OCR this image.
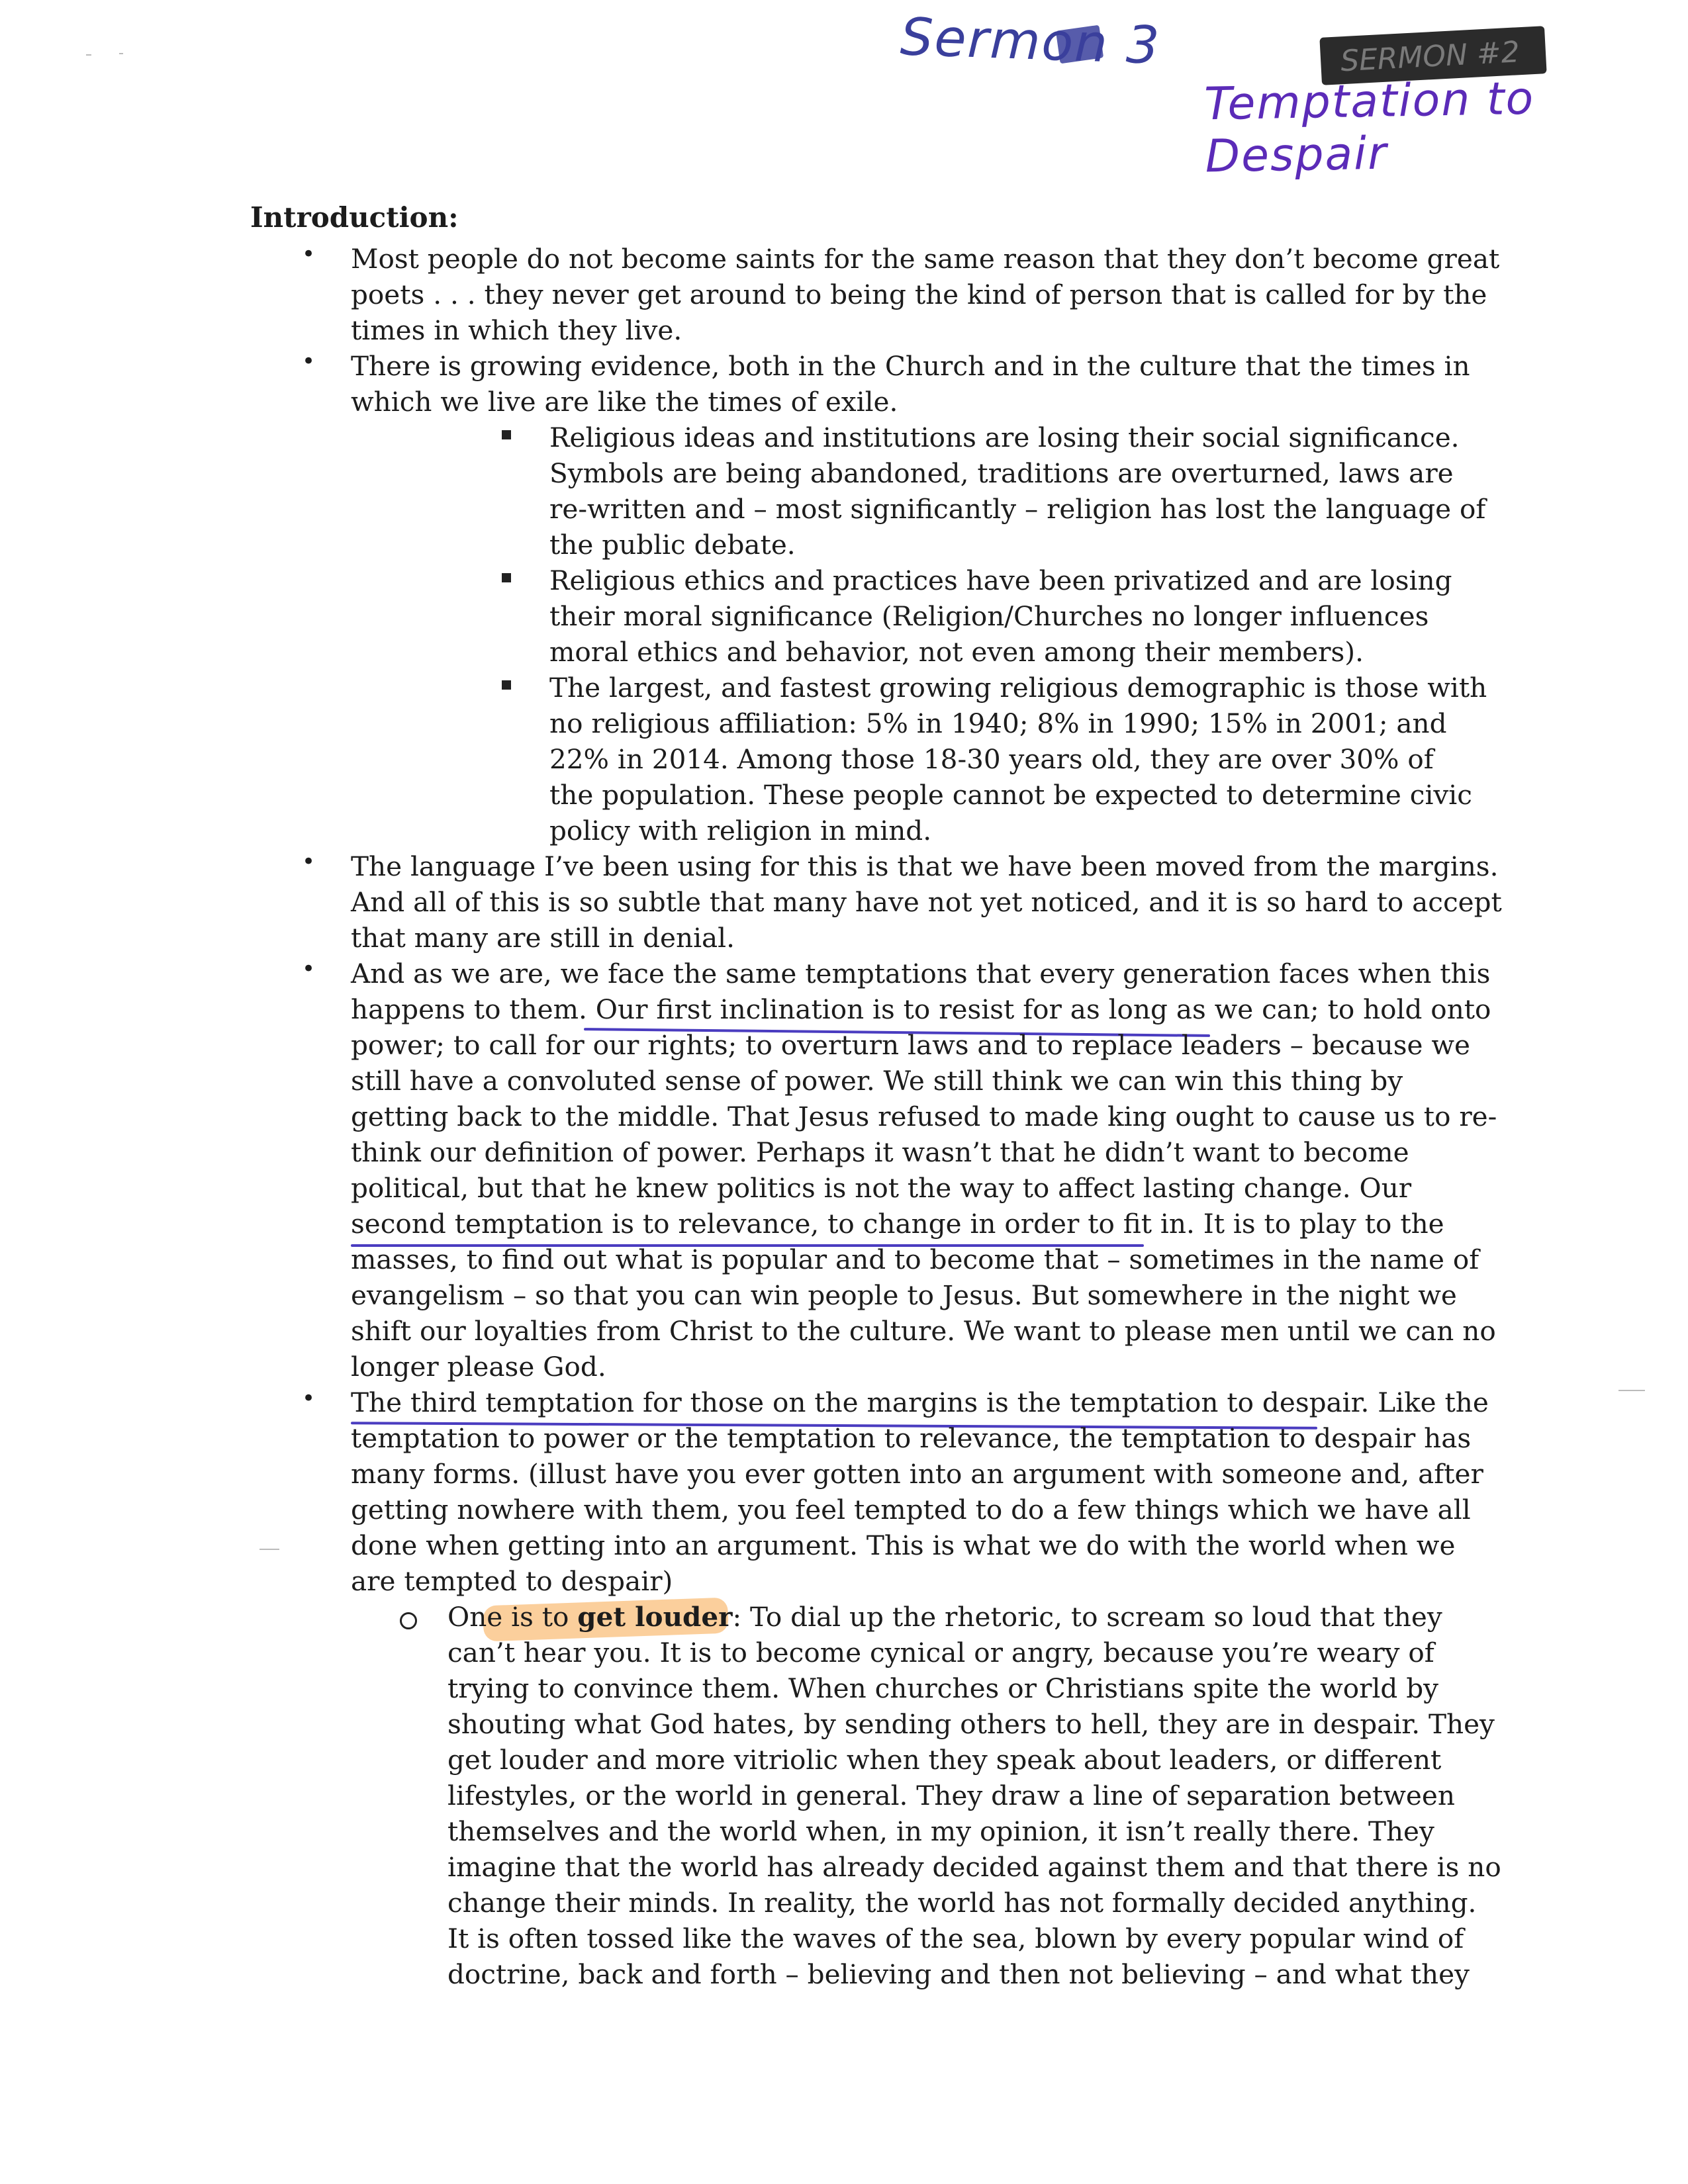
Sermon 3	SERMON #2
Temptation to Despair
Introduction:
•
•
•
•
•
Most people do not become saints for the same reason that they don’t become great
poets . . . they never get around to being the kind of person that is called for by the
times in which they live.
There is growing evidence, both in the Church and in the culture that the times in
which we live are like the times of exile.
Religious ideas and institutions are losing their social significance.
Symbols are being abandoned, traditions are overturned, laws are
re-written and – most significantly – religion has lost the language of
the public debate.
Religious ethics and practices have been privatized and are losing
their moral significance (Religion/Churches no longer influences
moral ethics and behavior, not even among their members).
The largest, and fastest growing religious demographic is those with
no religious affiliation: 5% in 1940; 8% in 1990; 15% in 2001; and
22% in 2014. Among those 18-30 years old, they are over 30% of
the population. These people cannot be expected to determine civic
policy with religion in mind.
The language I’ve been using for this is that we have been moved from the margins.
And all of this is so subtle that many have not yet noticed, and it is so hard to accept
that many are still in denial.
And as we are, we face the same temptations that every generation faces when this
happens to them. Our first inclination is to resist for as long as we can; to hold onto
power; to call for our rights; to overturn laws and to replace leaders – because we
still have a convoluted sense of power. We still think we can win this thing by
getting back to the middle. That Jesus refused to made king ought to cause us to re-
think our definition of power. Perhaps it wasn’t that he didn’t want to become
political, but that he knew politics is not the way to affect lasting change. Our
second temptation is to relevance, to change in order to fit in. It is to play to the
masses, to find out what is popular and to become that – sometimes in the name of
evangelism – so that you can win people to Jesus. But somewhere in the night we
shift our loyalties from Christ to the culture. We want to please men until we can no
longer please God.
The third temptation for those on the margins is the temptation to despair. Like the
temptation to power or the temptation to relevance, the temptation to despair has
many forms. (illust have you ever gotten into an argument with someone and, after
getting nowhere with them, you feel tempted to do a few things which we have all
done when getting into an argument. This is what we do with the world when we
are tempted to despair)
One is to get louder: To dial up the rhetoric, to scream so loud that they
can’t hear you. It is to become cynical or angry, because you’re weary of
trying to convince them. When churches or Christians spite the world by
shouting what God hates, by sending others to hell, they are in despair. They
get louder and more vitriolic when they speak about leaders, or different
lifestyles, or the world in general. They draw a line of separation between
themselves and the world when, in my opinion, it isn’t really there. They
imagine that the world has already decided against them and that there is no
change their minds. In reality, the world has not formally decided anything.
It is often tossed like the waves of the sea, blown by every popular wind of
doctrine, back and forth – believing and then not believing – and what they
